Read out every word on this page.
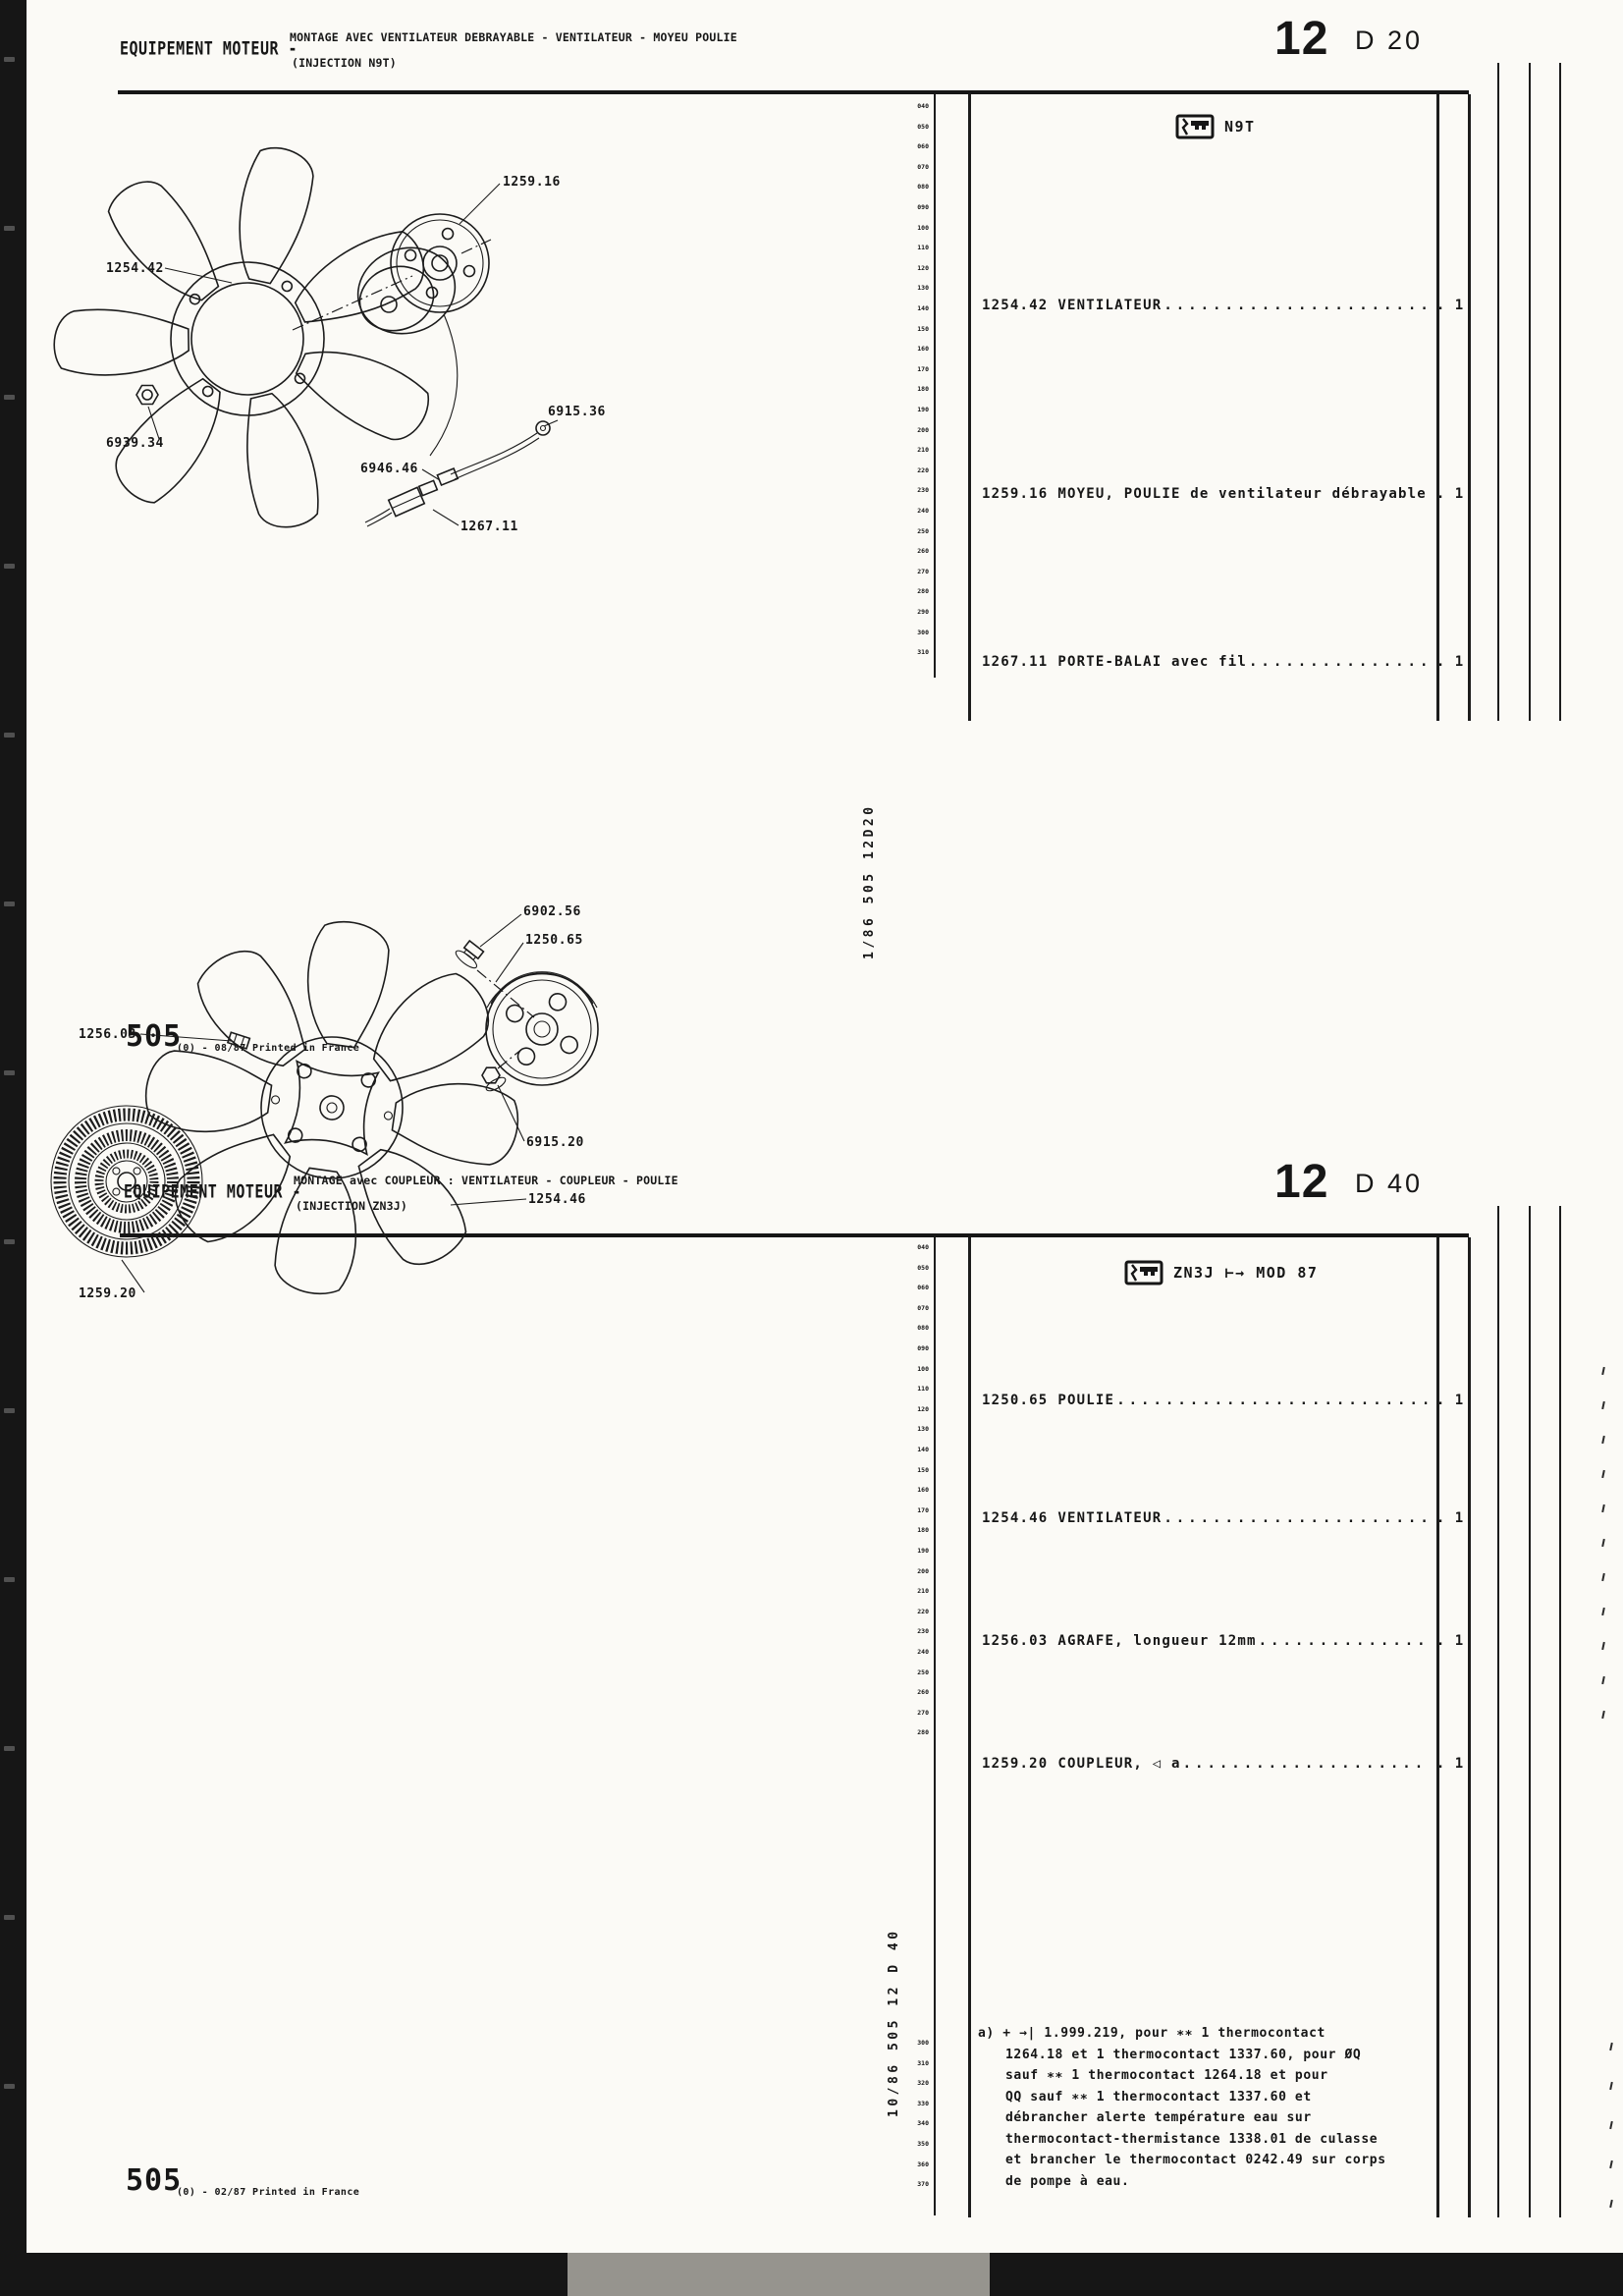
EQUIPEMENT MOTEUR -
MONTAGE AVEC VENTILATEUR DEBRAYABLE - VENTILATEUR - MOYEU POULIE
(INJECTION N9T)	12 D 20
N9T
1254.42 VENTILATEUR .....	. 1
1259.16 MOYEU, POULIE de ventilateur débrayable ..... . 1
1267.11 PORTE-BALAI avec fil .....	. 1
1259.16
1254.42
6939.34
6915.36
6946.46
1267.11
1/86 505 12D20
505
(0) - 08/87 Printed in France
EQUIPEMENT MOTEUR -
MONTAGE avec COUPLEUR : VENTILATEUR - COUPLEUR - POULIE
(INJECTION ZN3J)	12 D 40
ZN3J ⊢→ MOD 87
1250.65 POULIE .....	. 1
1254.46 VENTILATEUR .....	. 1
1256.03 AGRAFE, longueur 12mm .....	. 1
1259.20 COUPLEUR, ◁ a .....	. 1
a) + →| 1.999.219, pour ∗∗ 1 thermocontact
1264.18 et 1 thermocontact 1337.60, pour ØQ
sauf ∗∗ 1 thermocontact 1264.18 et pour
QQ sauf ∗∗ 1 thermocontact 1337.60 et
débrancher alerte température eau sur
thermocontact-thermistance 1338.01 de culasse
et brancher le thermocontact 0242.49 sur corps
de pompe à eau.
6902.56
1250.65
1256.03
6915.20
1254.46
1259.20
10/86 505 12 D 40
505
(0) - 02/87 Printed in France
040
050
060
070
080
090
100
110
120
130
140
150
160
170
180
190
200
210
220
230
240
250
260
270
280
290
300
310
040
050
060
070
080
090
100
110
120
130
140
150
160
170
180
190
200
210
220
230
240
250
260
270
280
300
310
320
330
340
350
360
370
